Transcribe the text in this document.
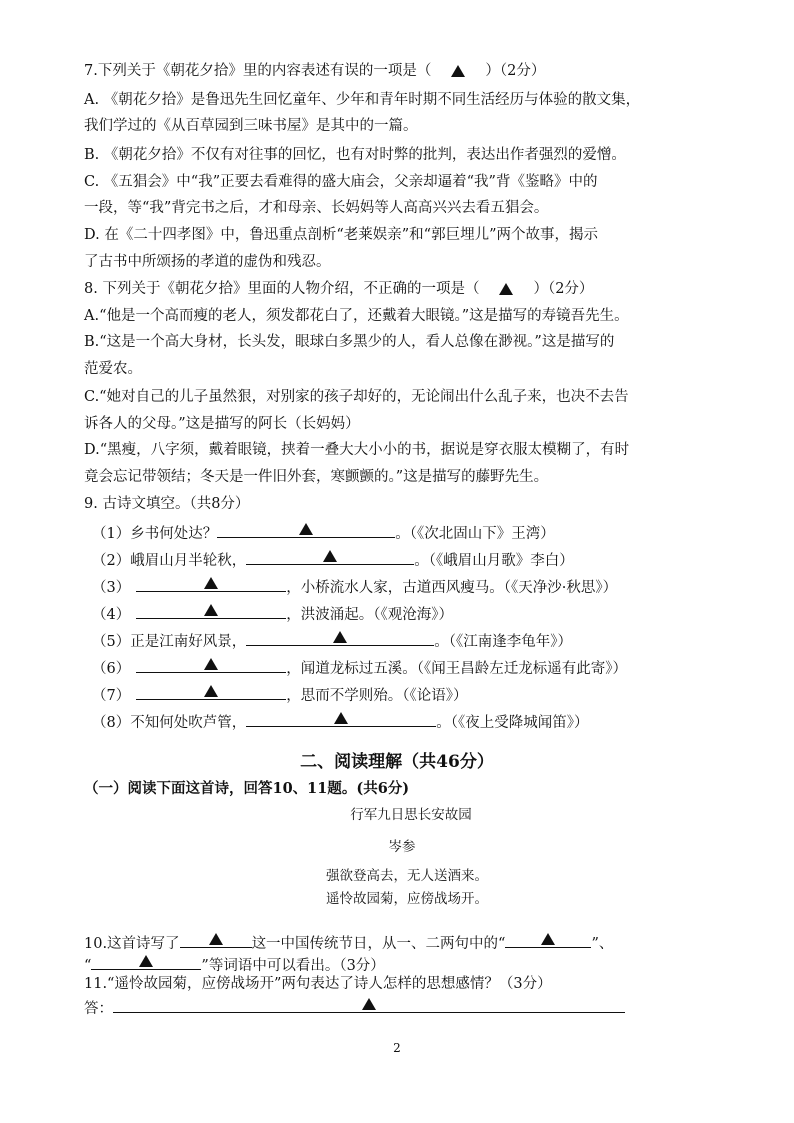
7.下列关于《朝花夕拾》里的内容表述有误的一项是（	）（2分）
A. 《朝花夕拾》是鲁迅先生回忆童年、少年和青年时期不同生活经历与体验的散文集，
我们学过的《从百草园到三味书屋》是其中的一篇。
B. 《朝花夕拾》不仅有对往事的回忆，也有对时弊的批判，表达出作者强烈的爱憎。
C. 《五猖会》中“我”正要去看难得的盛大庙会，父亲却逼着“我”背《鉴略》中的
一段，等“我”背完书之后，才和母亲、长妈妈等人高高兴兴去看五猖会。
D. 在《二十四孝图》中，鲁迅重点剖析“老莱娱亲”和“郭巨埋儿”两个故事，揭示
了古书中所颂扬的孝道的虚伪和残忍。
8. 下列关于《朝花夕拾》里面的人物介绍，不正确的一项是（	）（2分）
A.“他是一个高而瘦的老人，须发都花白了，还戴着大眼镜。”这是描写的寿镜吾先生。
B.“这是一个高大身材，长头发，眼球白多黑少的人，看人总像在渺视。”这是描写的
范爱农。
C.“她对自己的儿子虽然狠，对别家的孩子却好的，无论闹出什么乱子来，也决不去告
诉各人的父母。”这是描写的阿长（长妈妈）
D.“黑瘦，八字须，戴着眼镜，挟着一叠大大小小的书，据说是穿衣服太模糊了，有时
竟会忘记带领结；冬天是一件旧外套，寒颤颤的。”这是描写的藤野先生。
9. 古诗文填空。（共8分）
（1）乡书何处达？	。（《次北固山下》王湾）
（2）峨眉山月半轮秋，	。（《峨眉山月歌》李白）
（3）	，小桥流水人家，古道西风瘦马。（《天净沙·秋思》）
（4）	，洪波涌起。（《观沧海》）
（5）正是江南好风景，	。（《江南逢李龟年》）
（6）	，闻道龙标过五溪。（《闻王昌龄左迁龙标遥有此寄》）
（7）	，思而不学则殆。（《论语》）
（8）不知何处吹芦管，	。（《夜上受降城闻笛》）
二、阅读理解（共46分）
（一）阅读下面这首诗，回答10、11题。(共6分)
行军九日思长安故园
岑参
强欲登高去，无人送酒来。
遥怜故园菊，应傍战场开。
10.这首诗写了	这一中国传统节日，从一、二两句中的“	”、
“	”等词语中可以看出。（3分）
11.“遥怜故园菊，应傍战场开”两句表达了诗人怎样的思想感情？（3分）
答：
2
